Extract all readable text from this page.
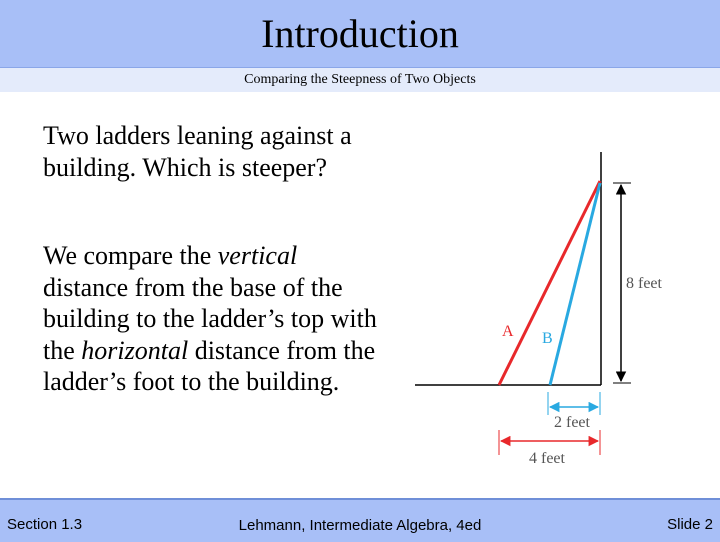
Introduction
Comparing the Steepness of Two Objects
Two ladders leaning against a building. Which is steeper?
We compare the vertical distance from the base of the building to the ladder’s top with the horizontal distance from the ladder’s foot to the building.
8 feet
A B
2 feet
4 feet
Section 1.3	Lehmann, Intermediate Algebra, 4ed	Slide 2
